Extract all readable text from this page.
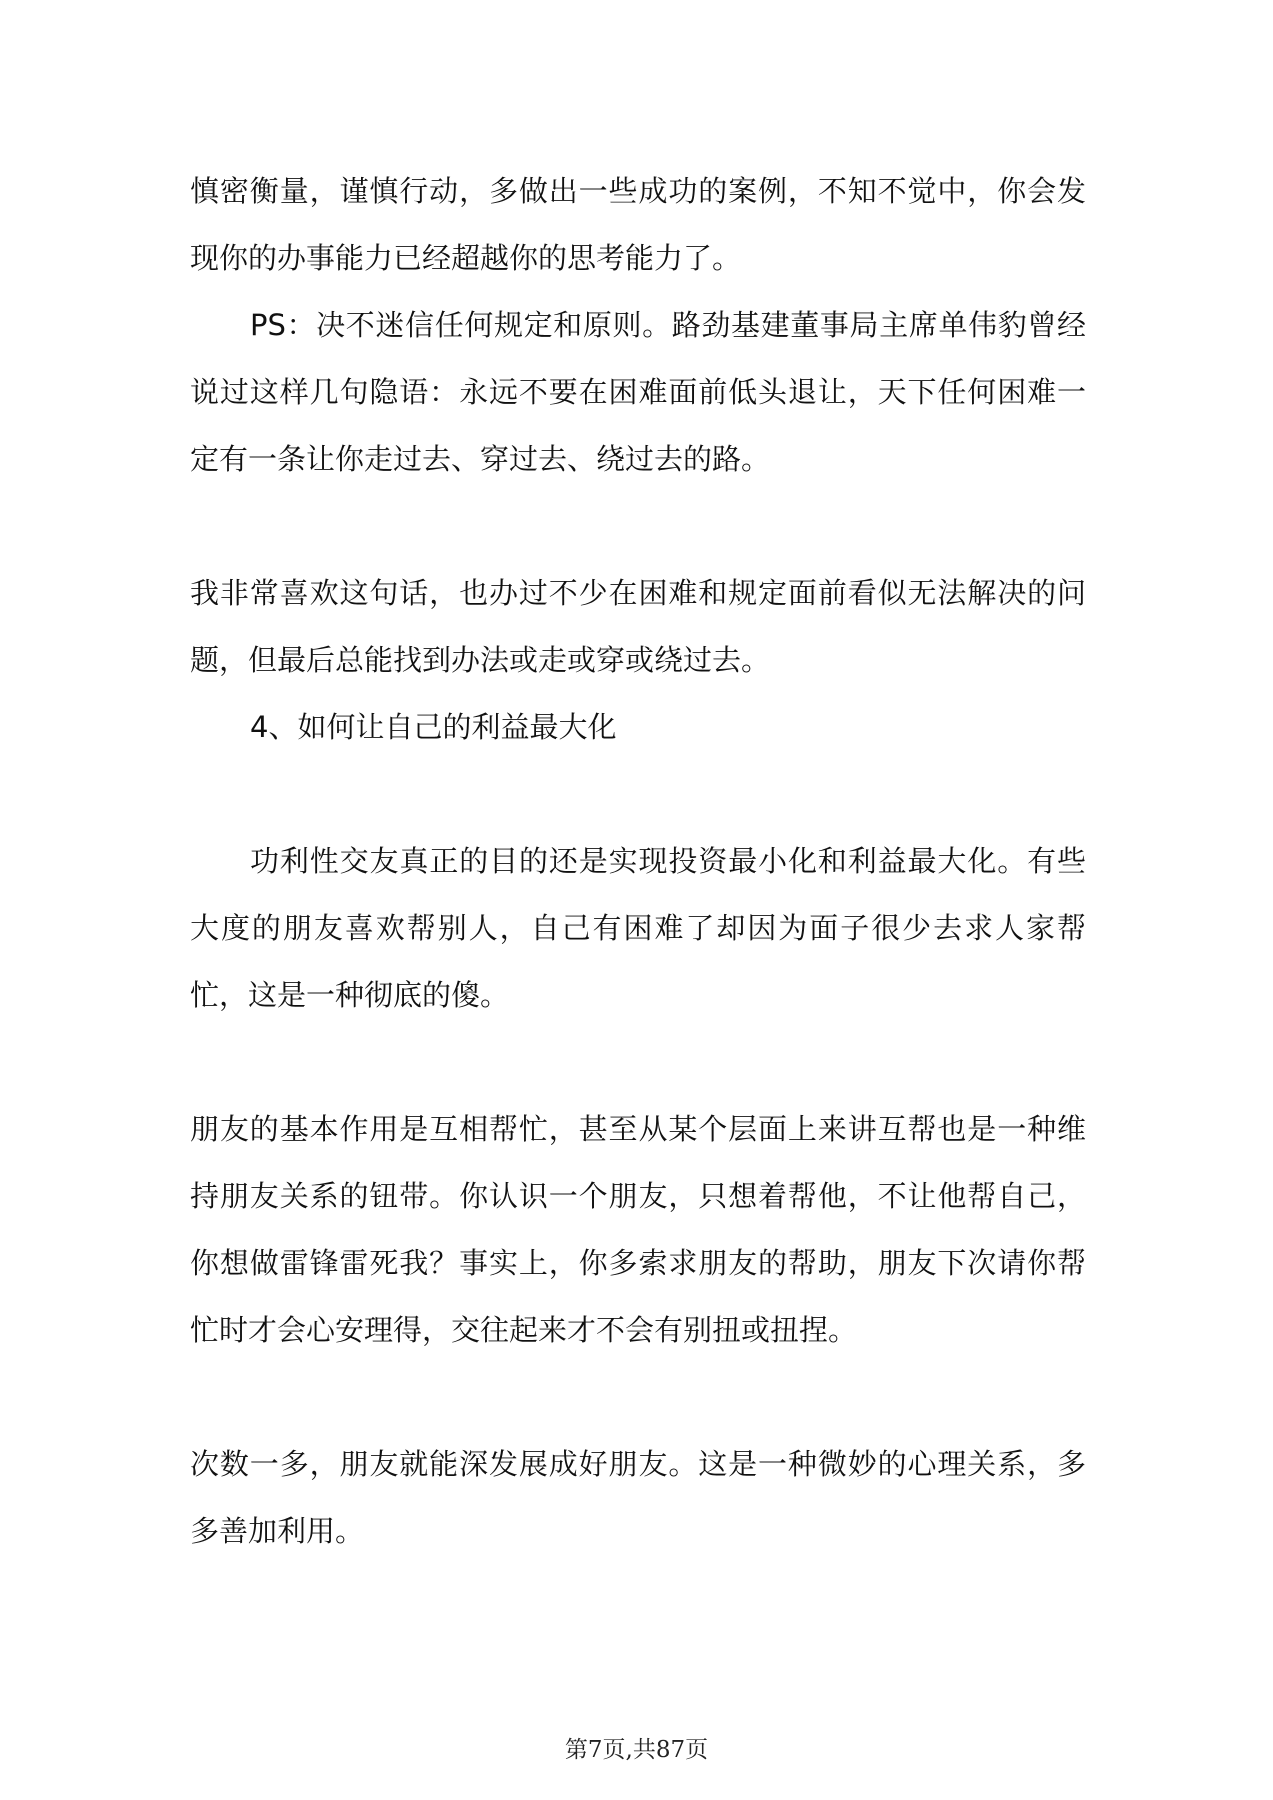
慎密衡量，谨慎行动，多做出一些成功的案例，不知不觉中，你会发现你的办事能力已经超越你的思考能力了。

PS：决不迷信任何规定和原则。路劲基建董事局主席单伟豹曾经说过这样几句隐语：永远不要在困难面前低头退让，天下任何困难一定有一条让你走过去、穿过去、绕过去的路。

我非常喜欢这句话，也办过不少在困难和规定面前看似无法解决的问题，但最后总能找到办法或走或穿或绕过去。

4、如何让自己的利益最大化

功利性交友真正的目的还是实现投资最小化和利益最大化。有些大度的朋友喜欢帮别人，自己有困难了却因为面子很少去求人家帮忙，这是一种彻底的傻。

朋友的基本作用是互相帮忙，甚至从某个层面上来讲互帮也是一种维持朋友关系的钮带。你认识一个朋友，只想着帮他，不让他帮自己，你想做雷锋雷死我？事实上，你多索求朋友的帮助，朋友下次请你帮忙时才会心安理得，交往起来才不会有别扭或扭捏。

次数一多，朋友就能深发展成好朋友。这是一种微妙的心理关系，多多善加利用。

第7页,共87页
